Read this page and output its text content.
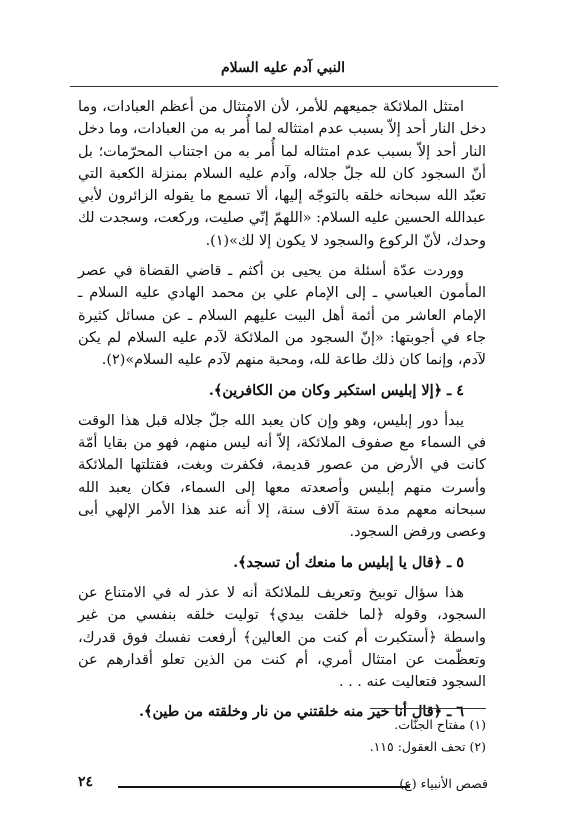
النبي آدم عليه السلام

امتثل الملائكة جميعهم للأمر، لأن الامتثال من أعظم العبادات، وما دخل النار أحد إلاّ بسبب عدم امتثاله لما أُمر به من العبادات، وما دخل النار أحد إلاّ بسبب عدم امتثاله لما أُمر به من اجتناب المحرّمات؛ بل أنّ السجود كان لله جلّ جلاله، وآدم عليه السلام بمنزلة الكعبة التي تعبّد الله سبحانه خلقه بالتوجّه إليها، ألا تسمع ما يقوله الزائرون لأبي عبدالله الحسين عليه السلام: «اللهمّ إنّي صليت، وركعت، وسجدت لك وحدك، لأنّ الركوع والسجود لا يكون إلا لك»(١).

ووردت عدّة أسئلة من يحيى بن أكثم ـ قاضي القضاة في عصر المأمون العباسي ـ إلى الإمام علي بن محمد الهادي عليه السلام ـ الإمام العاشر من أئمة أهل البيت عليهم السلام ـ عن مسائل كثيرة جاء في أجوبتها: «إنّ السجود من الملائكة لآدم عليه السلام لم يكن لآدم، وإنما كان ذلك طاعة لله، ومحبة منهم لآدم عليه السلام»(٢).

٤ ـ ﴿إلا إبليس استكبر وكان من الكافرين﴾.

يبدأ دور إبليس، وهو وإن كان يعبد الله جلّ جلاله قبل هذا الوقت في السماء مع صفوف الملائكة، إلاّ أنه ليس منهم، فهو من بقايا أمّة كانت في الأرض من عصور قديمة، فكفرت وبغت، فقتلتها الملائكة وأسرت منهم إبليس وأصعدته معها إلى السماء، فكان يعبد الله سبحانه معهم مدة ستة آلاف سنة، إلا أنه عند هذا الأمر الإلهي أبى وعصى ورفض السجود.

٥ ـ ﴿قال يا إبليس ما منعك أن تسجد﴾.

هذا سؤال توبيخ وتعريف للملائكة أنه لا عذر له في الامتناع عن السجود، وقوله ﴿لما خلقت بيدي﴾ توليت خلقه بنفسي من غير واسطة ﴿أستكبرت أم كنت من العالين﴾ أرفعت نفسك فوق قدرك، وتعظّمت عن امتثال أمري، أم كنت من الذين تعلو أقدارهم عن السجود فتعاليت عنه . . .

٦ ـ ﴿قال أنا خير منه خلقتني من نار وخلقته من طين﴾.

(١) مفتاح الجنّات.
(٢) تحف العقول: ١١٥.
قصص الأنبياء (ع)
٢٤
